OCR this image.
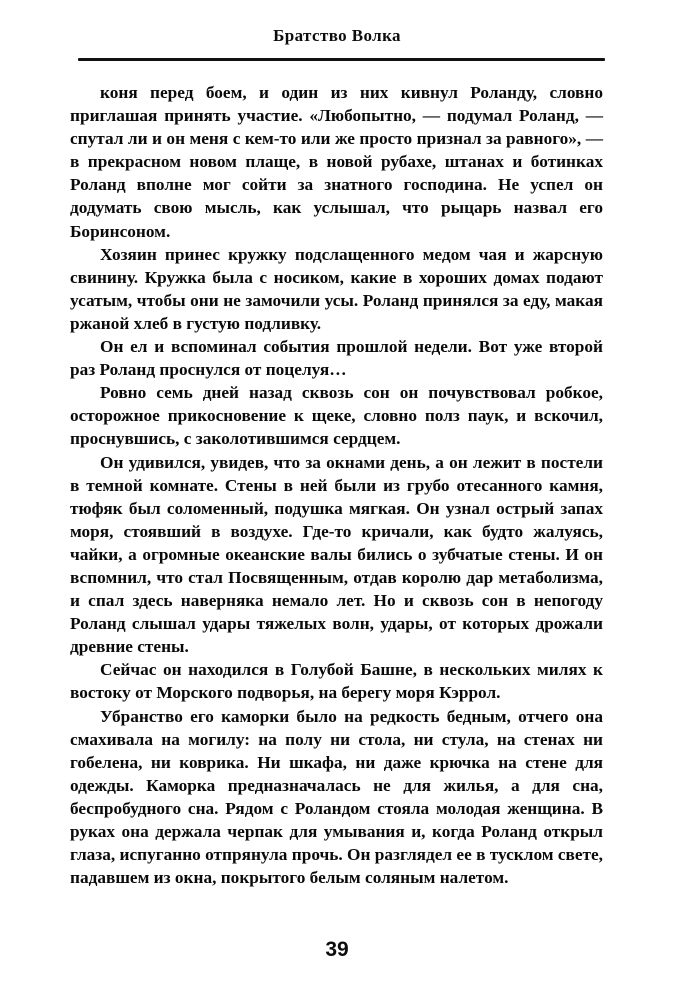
Братство Волка

коня перед боем, и один из них кивнул Роланду, словно приглашая принять участие. «Любопытно, — подумал Роланд, — спутал ли и он меня с кем-то или же просто признал за равного», — в прекрасном новом плаще, в новой рубахе, штанах и ботинках Роланд вполне мог сойти за знатного господина. Не успел он додумать свою мысль, как услышал, что рыцарь назвал его Боринсоном.

Хозяин принес кружку подслащенного медом чая и жарсную свинину. Кружка была с носиком, какие в хороших домах подают усатым, чтобы они не замочили усы. Роланд принялся за еду, макая ржаной хлеб в густую подливку.

Он ел и вспоминал события прошлой недели. Вот уже второй раз Роланд проснулся от поцелуя…

Ровно семь дней назад сквозь сон он почувствовал робкое, осторожное прикосновение к щеке, словно полз паук, и вскочил, проснувшись, с заколотившимся сердцем.

Он удивился, увидев, что за окнами день, а он лежит в постели в темной комнате. Стены в ней были из грубо отесанного камня, тюфяк был соломенный, подушка мягкая. Он узнал острый запах моря, стоявший в воздухе. Где-то кричали, как будто жалуясь, чайки, а огромные океанские валы бились о зубчатые стены. И он вспомнил, что стал Посвященным, отдав королю дар метаболизма, и спал здесь наверняка немало лет. Но и сквозь сон в непогоду Роланд слышал удары тяжелых волн, удары, от которых дрожали древние стены.

Сейчас он находился в Голубой Башне, в нескольких милях к востоку от Морского подворья, на берегу моря Кэррол.

Убранство его каморки было на редкость бедным, отчего она смахивала на могилу: на полу ни стола, ни стула, на стенах ни гобелена, ни коврика. Ни шкафа, ни даже крючка на стене для одежды. Каморка предназначалась не для жилья, а для сна, беспробудного сна. Рядом с Роландом стояла молодая женщина. В руках она держала черпак для умывания и, когда Роланд открыл глаза, испуганно отпрянула прочь. Он разглядел ее в тусклом свете, падавшем из окна, покрытого белым соляным налетом.

39
